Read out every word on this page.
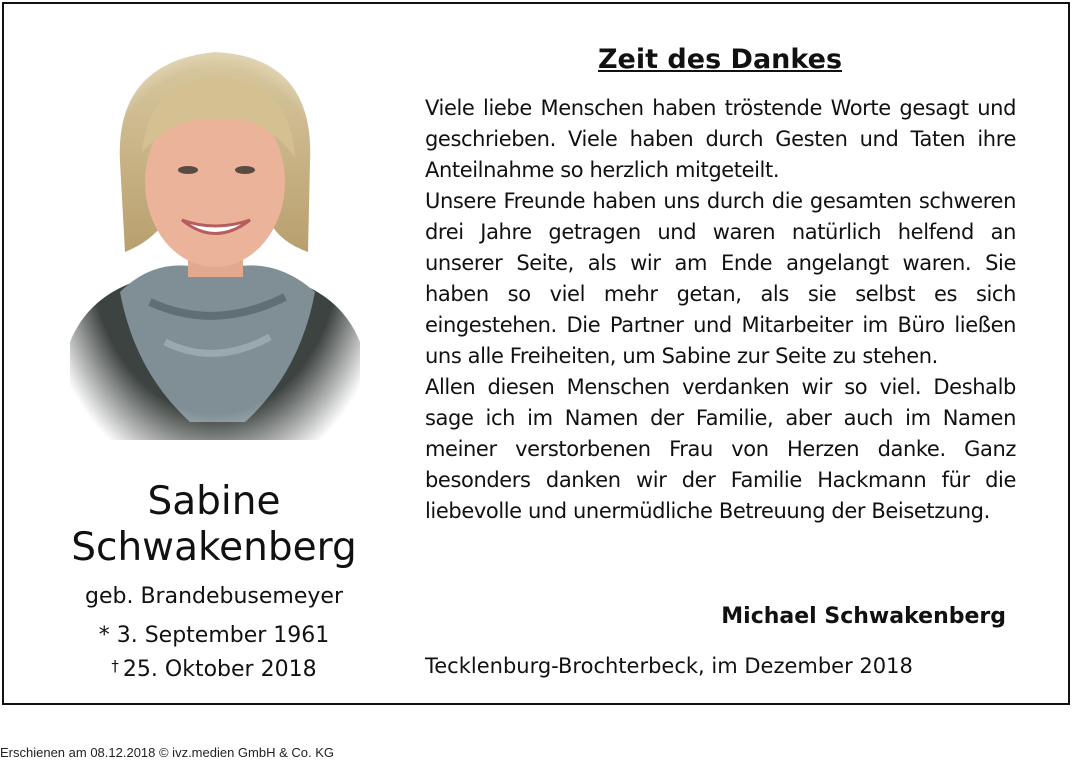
Sabine
Schwakenberg
geb. Brandebusemeyer
* 3. September 1961
† 25. Oktober 2018
Zeit des Dankes

Viele liebe Menschen haben tröstende Worte gesagt und geschrieben. Viele haben durch Gesten und Taten ihre Anteilnahme so herzlich mitgeteilt.

Unsere Freunde haben uns durch die gesamten schweren drei Jahre getragen und waren natürlich helfend an unserer Seite, als wir am Ende angelangt waren. Sie haben so viel mehr getan, als sie selbst es sich eingestehen. Die Partner und Mitarbeiter im Büro ließen uns alle Freiheiten, um Sabine zur Seite zu stehen.

Allen diesen Menschen verdanken wir so viel. Deshalb sage ich im Namen der Familie, aber auch im Namen meiner verstorbenen Frau von Herzen danke. Ganz besonders danken wir der Familie Hackmann für die liebevolle und unermüdliche Betreuung der Beisetzung.

Michael Schwakenberg
Tecklenburg-Brochterbeck, im Dezember 2018
Erschienen am 08.12.2018 © ivz.medien GmbH & Co. KG
